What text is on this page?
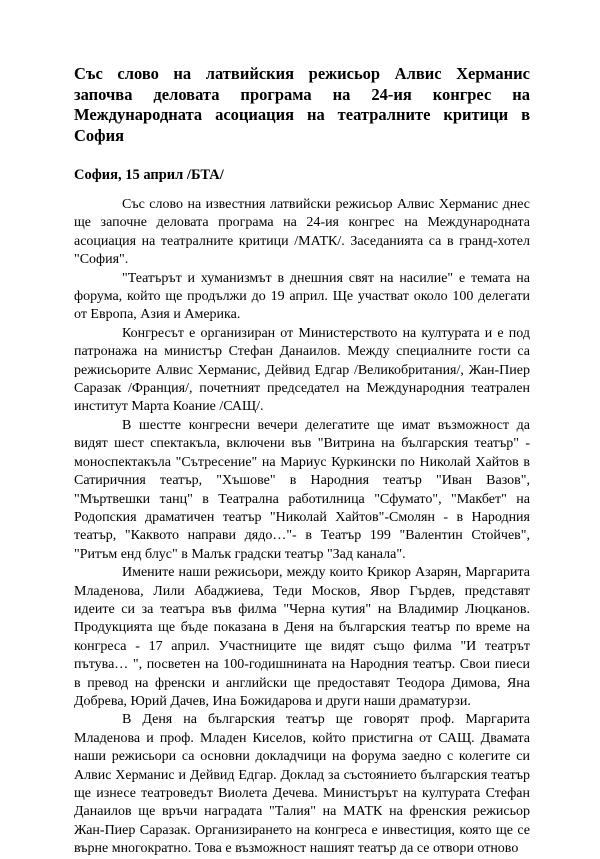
Със слово на латвийския режисьор Алвис Херманис започва деловата програма на 24-ия конгрес на Международната асоциация на театралните критици в София

София, 15 април /БТА/

Със слово на известния латвийски режисьор Алвис Херманис днес ще започне деловата програма на 24-ия конгрес на Международната асоциация на театралните критици /МАТК/. Заседанията са в гранд-хотел "София".

"Театърът и хуманизмът в днешния свят на насилие" е темата на форума, който ще продължи до 19 април. Ще участват около 100 делегати от Европа, Азия и Америка.

Конгресът е организиран от Министерството на културата и е под патронажа на министър Стефан Данаилов. Между специалните гости са режисьорите Алвис Херманис, Дейвид Едгар /Великобритания/, Жан-Пиер Саразак /Франция/, почетният председател на Международния театрален институт Марта Коание /САЩ/.

В шестте конгресни вечери делегатите ще имат възможност да видят шест спектакъла, включени във "Витрина на българския театър" - моноспектакъла "Сътресение" на Мариус Куркински по Николай Хайтов в Сатиричния театър, "Хъшове" в Народния театър "Иван Вазов", "Мъртвешки танц" в Театрална работилница "Сфумато", "Макбет" на Родопския драматичен театър "Николай Хайтов"-Смолян - в Народния театър, "Каквото направи дядо…"- в Театър 199 "Валентин Стойчев", "Ритъм енд блус" в Малък градски театър "Зад канала".

Имените наши режисьори, между които Крикор Азарян, Маргарита Младенова, Лили Абаджиева, Теди Москов, Явор Гърдев, представят идеите си за театъра във филма "Черна кутия" на Владимир Люцканов. Продукцията ще бъде показана в Деня на българския театър по време на конгреса - 17 април. Участниците ще видят също филма "И театрът пътува… ", посветен на 100-годишнината на Народния театър. Свои пиеси в превод на френски и английски ще предоставят Теодора Димова, Яна Добрева, Юрий Дачев, Ина Божидарова и други наши драматурзи.

В Деня на българския театър ще говорят проф. Маргарита Младенова и проф. Младен Киселов, който пристигна от САЩ. Двамата наши режисьори са основни докладчици на форума заедно с колегите си Алвис Херманис и Дейвид Едгар. Доклад за състоянието българския театър ще изнесе театроведът Виолета Дечева. Министърът на културата Стефан Данаилов ще връчи наградата "Талия" на МАТК на френския режисьор Жан-Пиер Саразак. Организирането на конгреса е инвестиция, която ще се върне многократно. Това е възможност нашият театър да се отвори отново
